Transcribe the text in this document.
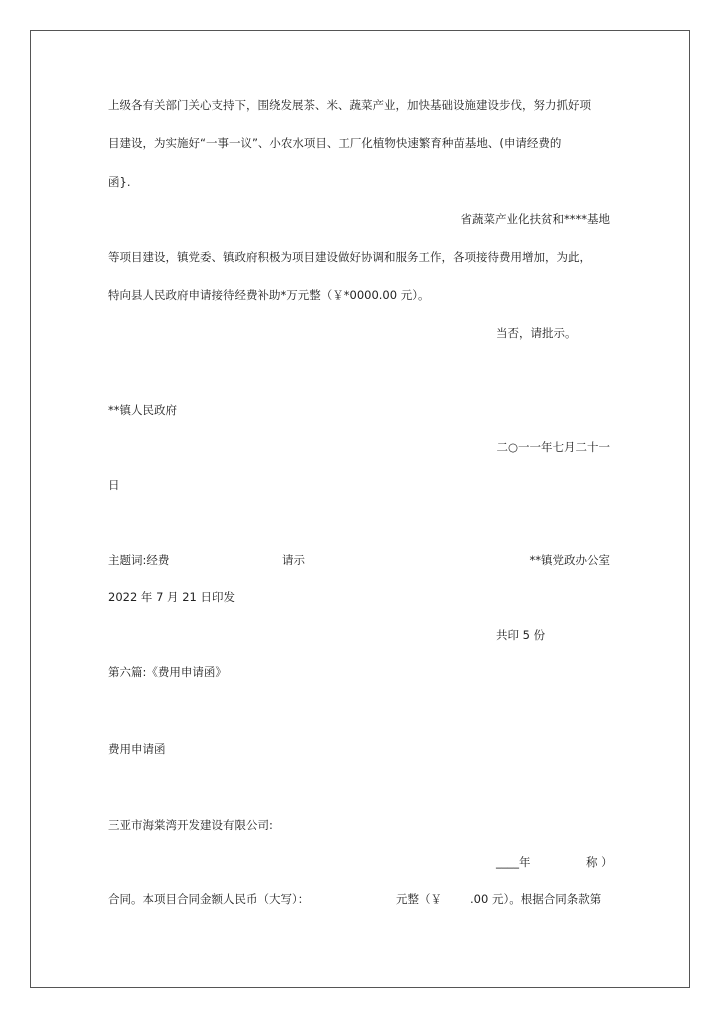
上级各有关部门关心支持下，围绕发展茶、米、蔬菜产业，加快基础设施建设步伐，努力抓好项
目建设，为实施好“一事一议”、小农水项目、工厂化植物快速繁育种苗基地、(申请经费的
函}.
省蔬菜产业化扶贫和****基地
等项目建设，镇党委、镇政府积极为项目建设做好协调和服务工作，各项接待费用增加，为此，
特向县人民政府申请接待经费补助*万元整（￥*0000.00 元）。
当否，请批示。
**镇人民政府
二○一一年七月二十一
日
主题词:经费	请示	**镇党政办公室
2022 年 7 月 21 日印发
共印 5 份
第六篇:《费用申请函》
费用申请函
三亚市海棠湾开发建设有限公司:
____年	称 ）
合同。本项目合同金额人民币（大写）：	元整（￥ .00 元）。根据合同条款第
